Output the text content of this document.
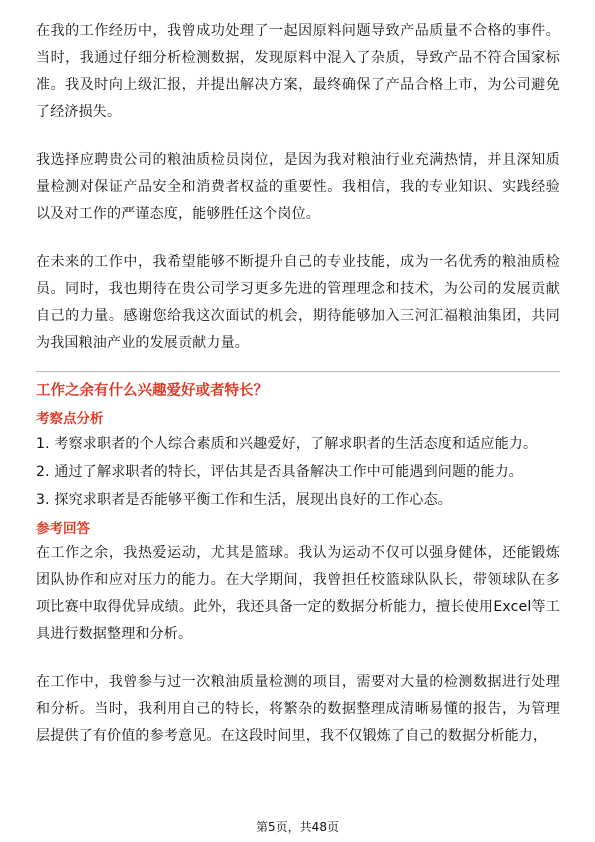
在我的工作经历中，我曾成功处理了一起因原料问题导致产品质量不合格的事件。当时，我通过仔细分析检测数据，发现原料中混入了杂质，导致产品不符合国家标准。我及时向上级汇报，并提出解决方案，最终确保了产品合格上市，为公司避免了经济损失。

我选择应聘贵公司的粮油质检员岗位，是因为我对粮油行业充满热情，并且深知质量检测对保证产品安全和消费者权益的重要性。我相信，我的专业知识、实践经验以及对工作的严谨态度，能够胜任这个岗位。

在未来的工作中，我希望能够不断提升自己的专业技能，成为一名优秀的粮油质检员。同时，我也期待在贵公司学习更多先进的管理理念和技术，为公司的发展贡献自己的力量。感谢您给我这次面试的机会，期待能够加入三河汇福粮油集团，共同为我国粮油产业的发展贡献力量。

工作之余有什么兴趣爱好或者特长？

考察点分析

1. 考察求职者的个人综合素质和兴趣爱好，了解求职者的生活态度和适应能力。

2. 通过了解求职者的特长，评估其是否具备解决工作中可能遇到问题的能力。

3. 探究求职者是否能够平衡工作和生活，展现出良好的工作心态。

参考回答

在工作之余，我热爱运动，尤其是篮球。我认为运动不仅可以强身健体，还能锻炼团队协作和应对压力的能力。在大学期间，我曾担任校篮球队队长，带领球队在多项比赛中取得优异成绩。此外，我还具备一定的数据分析能力，擅长使用Excel等工具进行数据整理和分析。

在工作中，我曾参与过一次粮油质量检测的项目，需要对大量的检测数据进行处理和分析。当时，我利用自己的特长，将繁杂的数据整理成清晰易懂的报告，为管理层提供了有价值的参考意见。在这段时间里，我不仅锻炼了自己的数据分析能力，

第5页，共48页
